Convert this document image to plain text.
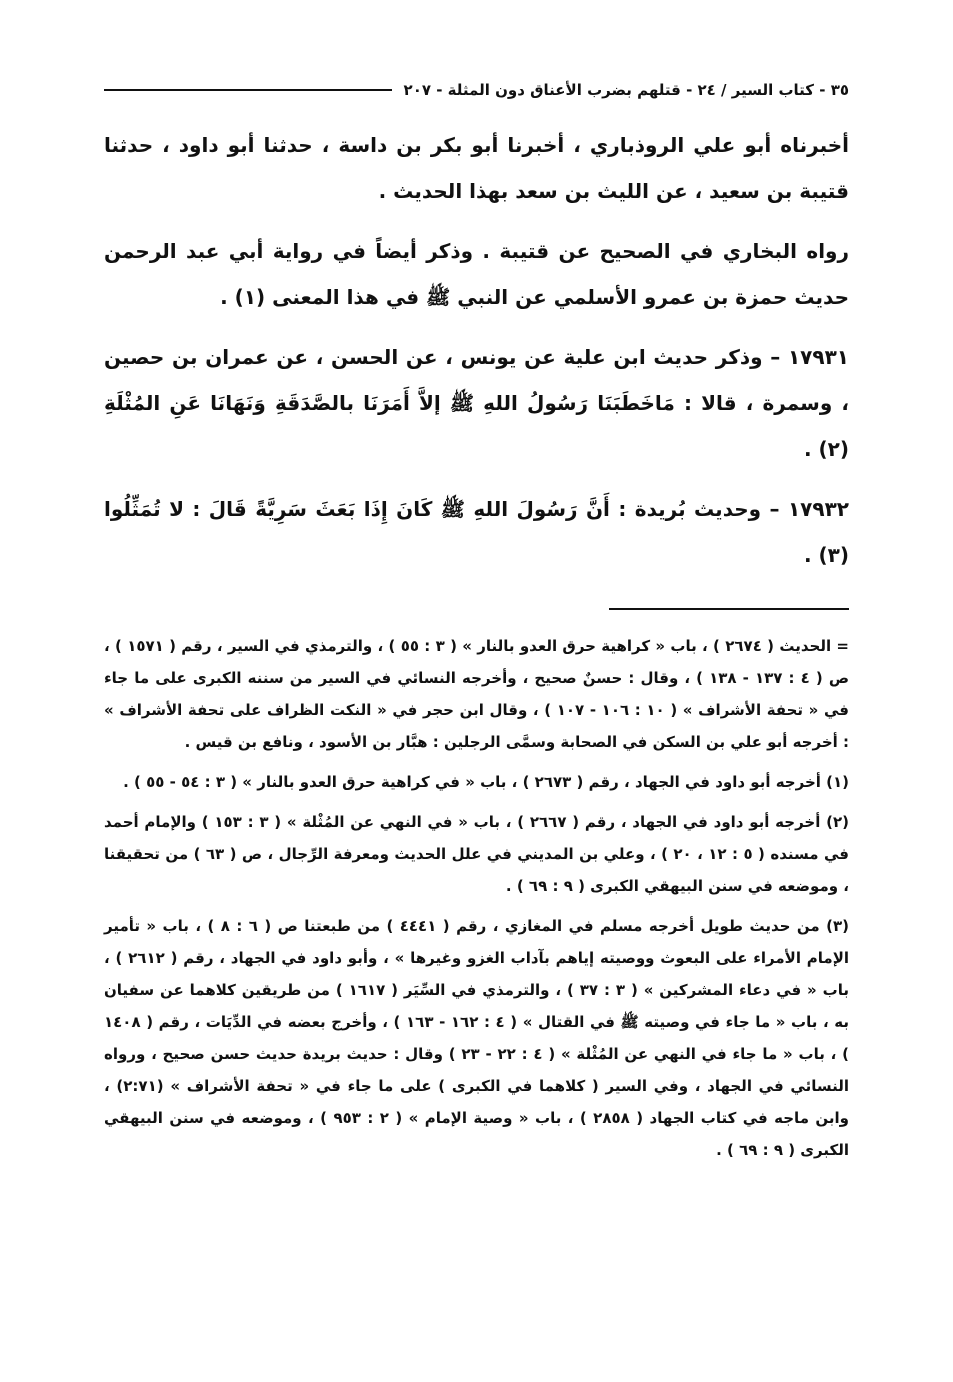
٣٥ - كتاب السير / ٢٤ - قتلهم بضرب الأعناق دون المثلة - ٢٠٧

أخبرناه أبو علي الروذباري ، أخبرنا أبو بكر بن داسة ، حدثنا أبو داود ، حدثنا قتيبة بن سعيد ، عن الليث بن سعد بهذا الحديث .

رواه البخاري في الصحيح عن قتيبة . وذكر أيضاً في رواية أبي عبد الرحمن حديث حمزة بن عمرو الأسلمي عن النبي ﷺ في هذا المعنى (١) .

١٧٩٣١ – وذكر حديث ابن علية عن يونس ، عن الحسن ، عن عمران بن حصين ، وسمرة ، قالا : مَاخَطَبَنَا رَسُولُ اللهِ ﷺ إلاَّ أَمَرَنَا بالصَّدَقَةِ وَنَهَانَا عَنِ المُثْلَةِ (٢) .

١٧٩٣٢ – وحديث بُريدة : أَنَّ رَسُولَ اللهِ ﷺ كَانَ إِذَا بَعَثَ سَرِيَّةً قَالَ : لا تُمَثِّلُوا (٣) .

= الحديث ( ٢٦٧٤ ) ، باب « كراهية حرق العدو بالنار » ( ٣ : ٥٥ ) ، والترمذي في السير ، رقم ( ١٥٧١ ) ، ص ( ٤ : ١٣٧ - ١٣٨ ) ، وقال : حسنٌ صحيح ، وأخرجه النسائي في السير من سننه الكبرى على ما جاء في « تحفة الأشراف » ( ١٠ : ١٠٦ - ١٠٧ ) ، وقال ابن حجر في « النكت الظراف على تحفة الأشراف » : أخرجه أبو علي بن السكن في الصحابة وسمَّى الرجلين : هبَّار بن الأسود ، ونافع بن قيس .

(١) أخرجه أبو داود في الجهاد ، رقم ( ٢٦٧٣ ) ، باب « في كراهية حرق العدو بالنار » ( ٣ : ٥٤ - ٥٥ ) .

(٢) أخرجه أبو داود في الجهاد ، رقم ( ٢٦٦٧ ) ، باب « في النهي عن المُثْلة » ( ٣ : ١٥٣ ) والإمام أحمد في مسنده ( ٥ : ١٢ ، ٢٠ ) ، وعلي بن المديني في علل الحديث ومعرفة الرِّجال ، ص ( ٦٣ ) من تحقيقنا ، وموضعه في سنن البيهقي الكبرى ( ٩ : ٦٩ ) .

(٣) من حديث طويل أخرجه مسلم في المغازي ، رقم ( ٤٤٤١ ) من طبعتنا ص ( ٦ : ٨ ) ، باب « تأمير الإمام الأمراء على البعوث ووصيته إياهم بآداب الغزو وغيرها » ، وأبو داود في الجهاد ، رقم ( ٢٦١٢ ) ، باب « في دعاء المشركين » ( ٣ : ٣٧ ) ، والترمذي في السِّيَر ( ١٦١٧ ) من طريقين كلاهما عن سفيان به ، باب « ما جاء في وصيته ﷺ في القتال » ( ٤ : ١٦٢ - ١٦٣ ) ، وأخرج بعضه في الدِّيَات ، رقم ( ١٤٠٨ ) ، باب « ما جاء في النهي عن المُثْلة » ( ٤ : ٢٢ - ٢٣ ) وقال : حديث بريدة حديث حسن صحيح ، ورواه النسائي في الجهاد ، وفي السير ( كلاهما في الكبرى ) على ما جاء في « تحفة الأشراف » (٢:٧١) ، وابن ماجه في كتاب الجهاد ( ٢٨٥٨ ) ، باب « وصية الإمام » ( ٢ : ٩٥٣ ) ، وموضعه في سنن البيهقي الكبرى ( ٩ : ٦٩ ) .
